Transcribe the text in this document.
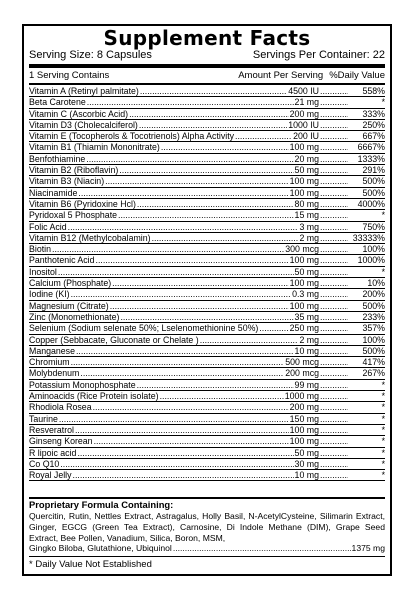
Supplement Facts
Serving Size: 8 Capsules	Servings Per Container: 22
1 Serving Contains	Amount Per Serving %Daily Value
Vitamin A (Retinyl palmitate) .....	4500 IU .....	558%
Beta Carotene .....	21 mg .....	*
Vitamin C (Ascorbic Acid) .....	200 mg .....	333%
Vitamin D3 (Cholecalciferol) .....	1000 IU .....	250%
Vitamin E (Tocopherols & Tocotrienols) Alpha Activity .....	200 IU .....	667%
Vitamin B1 (Thiamin Mononitrate) .....	100 mg .....	6667%
Benfothiamine .....	20 mg .....	1333%
Vitamin B2 (Riboflavin) .....	50 mg .....	291%
Vitamin B3 (Niacin) .....	100 mg .....	500%
Niacinamide .....	100 mg .....	500%
Vitamin B6 (Pyridoxine Hcl) .....	80 mg .....	4000%
Pyridoxal 5 Phosphate .....	15 mg .....	*
Folic Acid .....	3 mg .....	750%
Vitamin B12 (Methylcobalamin) .....	2 mg .....	33333%
Biotin .....	300 mcg .....	100%
Panthotenic Acid .....	100 mg .....	1000%
Inositol .....	50 mg .....	*
Calcium (Phosphate) .....	100 mg .....	10%
Iodine (KI) .....	0.3 mg .....	200%
Magnesium (Citrate) .....	100 mg .....	500%
Zinc (Monomethionate) .....	35 mg .....	233%
Selenium (Sodium selenate 50%; Lselenomethionine 50%) .....	250 mg .....	357%
Copper (Sebbacate, Gluconate or Chelate ) .....	2 mg .....	100%
Manganese .....	10 mg .....	500%
Chromium .....	500 mcg .....	417%
Molybdenum .....	200 mcg .....	267%
Potassium Monophosphate .....	99 mg .....	*
Aminoacids (Rice Protein isolate) .....	1000 mg .....	*
Rhodiola Rosea .....	200 mg .....	*
Taurine .....	150 mg .....	*
Resveratrol .....	100 mg .....	*
Ginseng Korean .....	100 mg .....	*
R lipoic acid .....	50 mg .....	*
Co Q10 .....	30 mg .....	*
Royal Jelly .....	10 mg .....	*
Proprietary Formula Containing:
Quercitin, Rutin, Nettles Extract, Astragalus, Holly Basil, N-AcetylCysteine, Silimarin Extract, Ginger, EGCG (Green Tea Extract), Carnosine, Di Indole Methane (DIM), Grape Seed Extract, Bee Pollen, Vanadium, Silica, Boron, MSM,
Gingko Biloba, Glutathione, Ubiquinol .....	1375 mg
* Daily Value Not Established
